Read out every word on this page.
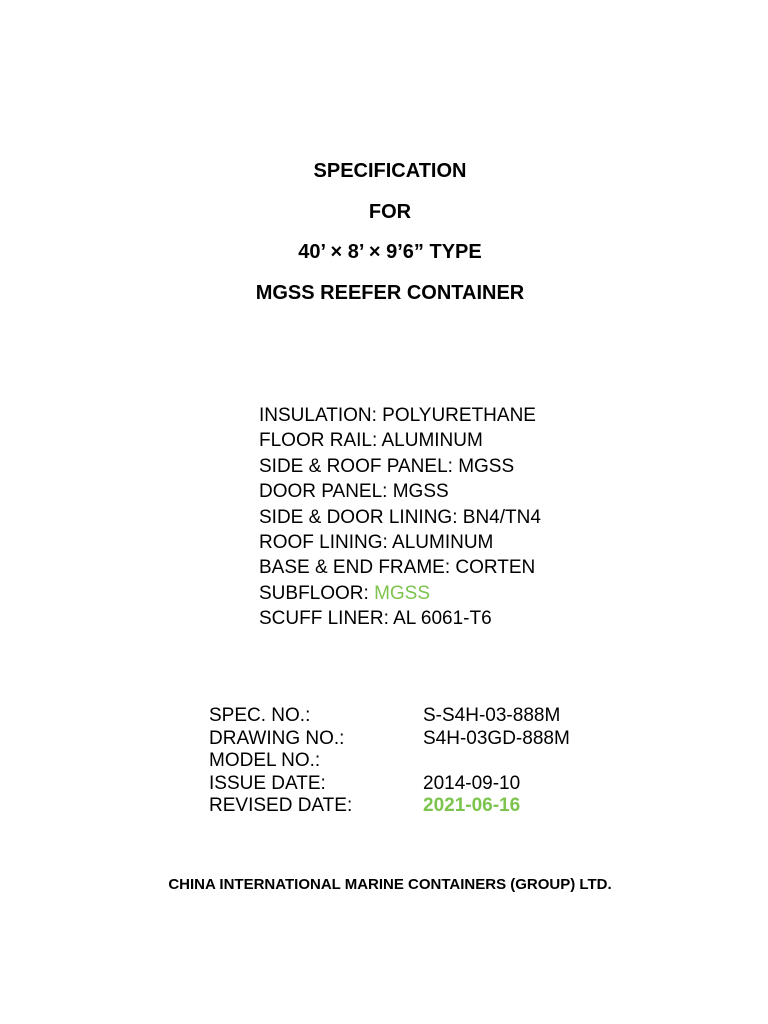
SPECIFICATION
FOR
40’ × 8’ × 9’6” TYPE
MGSS REEFER CONTAINER
INSULATION: POLYURETHANE
FLOOR RAIL: ALUMINUM
SIDE & ROOF PANEL: MGSS
DOOR PANEL: MGSS
SIDE & DOOR LINING: BN4/TN4
ROOF LINING: ALUMINUM
BASE & END FRAME: CORTEN
SUBFLOOR: MGSS
SCUFF LINER: AL 6061-T6
SPEC. NO.:	S-S4H-03-888M
DRAWING NO.:	S4H-03GD-888M
MODEL NO.:
ISSUE DATE:	2014-09-10
REVISED DATE:	2021-06-16
CHINA INTERNATIONAL MARINE CONTAINERS (GROUP) LTD.
